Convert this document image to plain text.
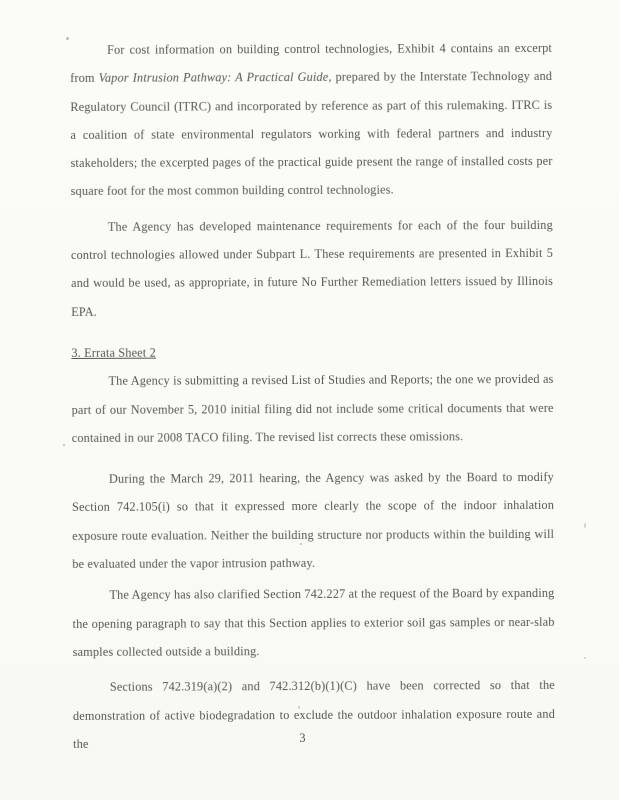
For cost information on building control technologies, Exhibit 4 contains an excerpt from Vapor Intrusion Pathway: A Practical Guide, prepared by the Interstate Technology and Regulatory Council (ITRC) and incorporated by reference as part of this rulemaking. ITRC is a coalition of state environmental regulators working with federal partners and industry stakeholders; the excerpted pages of the practical guide present the range of installed costs per square foot for the most common building control technologies.

The Agency has developed maintenance requirements for each of the four building control technologies allowed under Subpart L. These requirements are presented in Exhibit 5 and would be used, as appropriate, in future No Further Remediation letters issued by Illinois EPA.

3. Errata Sheet 2

The Agency is submitting a revised List of Studies and Reports; the one we provided as part of our November 5, 2010 initial filing did not include some critical documents that were contained in our 2008 TACO filing. The revised list corrects these omissions.

During the March 29, 2011 hearing, the Agency was asked by the Board to modify Section 742.105(i) so that it expressed more clearly the scope of the indoor inhalation exposure route evaluation. Neither the building structure nor products within the building will be evaluated under the vapor intrusion pathway.

The Agency has also clarified Section 742.227 at the request of the Board by expanding the opening paragraph to say that this Section applies to exterior soil gas samples or near-slab samples collected outside a building.

Sections 742.319(a)(2) and 742.312(b)(1)(C) have been corrected so that the demonstration of active biodegradation to exclude the outdoor inhalation exposure route and the	3
